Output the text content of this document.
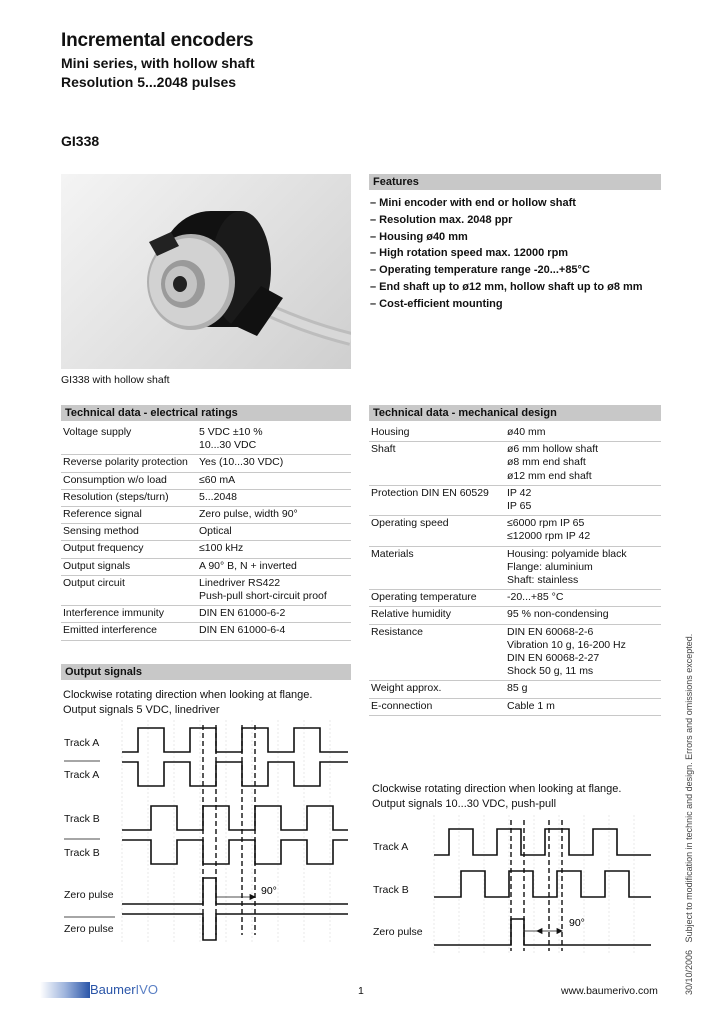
Incremental encoders
Mini series, with hollow shaft
Resolution 5...2048 pulses
GI338
GI338 with hollow shaft
Features
– Mini encoder with end or hollow shaft
– Resolution max. 2048 ppr
– Housing ø40 mm
– High rotation speed max. 12000 rpm
– Operating temperature range -20...+85°C
– End shaft up to ø12 mm, hollow shaft up to ø8 mm
– Cost-efficient mounting
Technical data - electrical ratings
Voltage supply	5 VDC ±10 %
10...30 VDC

Reverse polarity protection	Yes (10...30 VDC)

Consumption w/o load	≤60 mA

Resolution (steps/turn)	5...2048

Reference signal	Zero pulse, width 90°

Sensing method	Optical

Output frequency	≤100 kHz

Output signals	A 90° B, N + inverted

Output circuit	Linedriver RS422
Push-pull short-circuit proof

Interference immunity	DIN EN 61000-6-2

Emitted interference	DIN EN 61000-6-4
Technical data - mechanical design
Housing	ø40 mm

Shaft	ø6 mm hollow shaft
ø8 mm end shaft
ø12 mm end shaft

Protection DIN EN 60529	IP 42
IP 65

Operating speed	≤6000 rpm IP 65
≤12000 rpm IP 42

Materials	Housing: polyamide black
Flange: aluminium
Shaft: stainless

Operating temperature	-20...+85 °C

Relative humidity	95 % non-condensing

Resistance	DIN EN 60068-2-6
Vibration 10 g, 16-200 Hz
DIN EN 60068-2-27
Shock 50 g, 11 ms

Weight approx.	85 g

E-connection	Cable 1 m
Output signals
Clockwise rotating direction when looking at flange.
Output signals 5 VDC, linedriver
90°
Track A
Track A
Track B
Track B
Zero pulse
Zero pulse
Clockwise rotating direction when looking at flange.
Output signals 10...30 VDC, push-pull
90°
Track A
Track B
Zero pulse
30/10/2006   Subject to modification in technic and design. Errors and omissions excepted.
BaumerIVO	1	www.baumerivo.com
